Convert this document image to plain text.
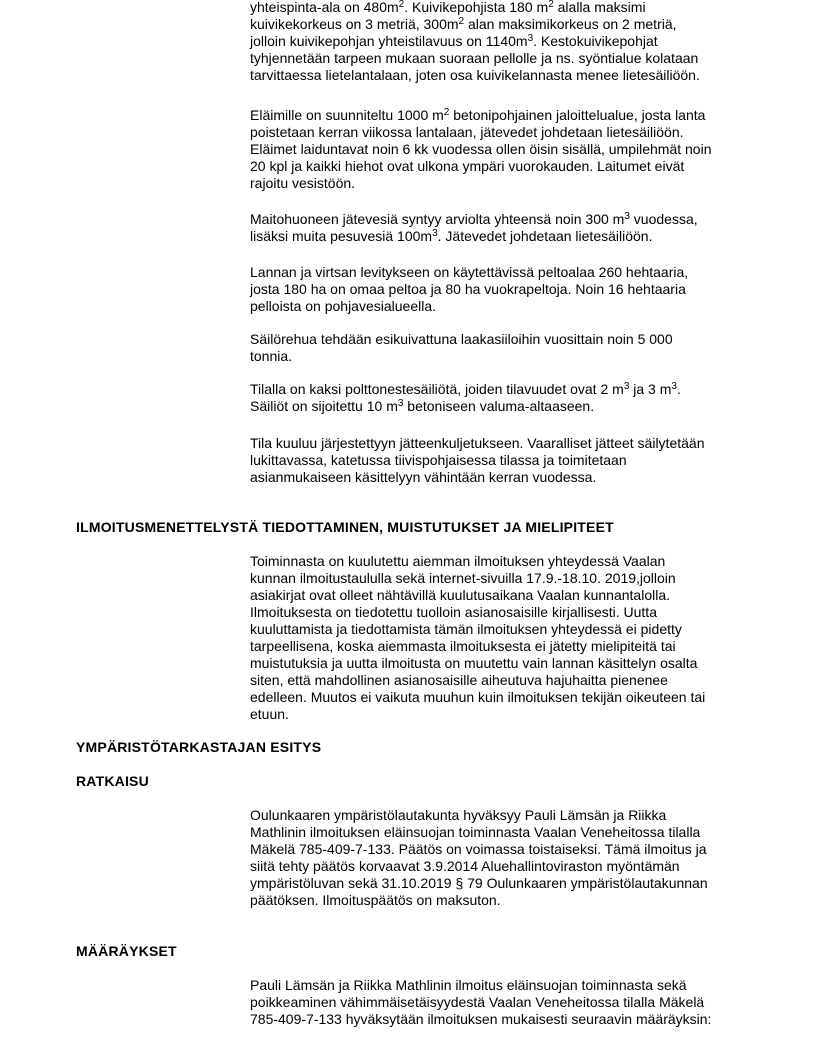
yhteispinta-ala on $480m^2$. Kuivikepohjista 180 $m^2$ alalla maksimi
kuivikekorkeus on 3 metriä, $300m^2$ alan maksimikorkeus on 2 metriä,
jolloin kuivikepohjan yhteistilavuus on $1140m^3$. Kestokuivikepohjat
tyhjennetään tarpeen mukaan suoraan pellolle ja ns. syöntialue kolataan
tarvittaessa lietelantalaan, joten osa kuivikelannasta menee lietesäiliöön.
Eläimille on suunniteltu 1000 $m^2$ betonipohjainen jaloittelualue, josta lanta
poistetaan kerran viikossa lantalaan, jätevedet johdetaan lietesäiliöön.
Eläimet laiduntavat noin 6 kk vuodessa ollen öisin sisällä, umpilehmät noin
20 kpl ja kaikki hiehot ovat ulkona ympäri vuorokauden. Laitumet eivät
rajoitu vesistöön.
Maitohuoneen jätevesiä syntyy arviolta yhteensä noin 300 $m^3$ vuodessa,
lisäksi muita pesuvesiä $100m^3$. Jätevedet johdetaan lietesäiliöön.
Lannan ja virtsan levitykseen on käytettävissä peltoalaa 260 hehtaaria,
josta 180 ha on omaa peltoa ja 80 ha vuokrapeltoja. Noin 16 hehtaaria
pelloista on pohjavesialueella.
Säilörehua tehdään esikuivattuna laakasiiloihin vuosittain noin 5 000
tonnia.
Tilalla on kaksi polttonestesäiliötä, joiden tilavuudet ovat 2 $m^3$ ja 3 $m^3$.
Säiliöt on sijoitettu 10 $m^3$ betoniseen valuma-altaaseen.
Tila kuuluu järjestettyyn jätteenkuljetukseen. Vaaralliset jätteet säilytetään
lukittavassa, katetussa tiivispohjaisessa tilassa ja toimitetaan
asianmukaiseen käsittelyyn vähintään kerran vuodessa.
ILMOITUSMENETTELYSTÄ TIEDOTTAMINEN, MUISTUTUKSET JA MIELIPITEET
Toiminnasta on kuulutettu aiemman ilmoituksen yhteydessä Vaalan
kunnan ilmoitustaululla sekä internet-sivuilla 17.9.-18.10. 2019,jolloin
asiakirjat ovat olleet nähtävillä kuulutusaikana Vaalan kunnantalolla.
Ilmoituksesta on tiedotettu tuolloin asianosaisille kirjallisesti. Uutta
kuuluttamista ja tiedottamista tämän ilmoituksen yhteydessä ei pidetty
tarpeellisena, koska aiemmasta ilmoituksesta ei jätetty mielipiteitä tai
muistutuksia ja uutta ilmoitusta on muutettu vain lannan käsittelyn osalta
siten, että mahdollinen asianosaisille aiheutuva hajuhaitta pienenee
edelleen. Muutos ei vaikuta muuhun kuin ilmoituksen tekijän oikeuteen tai
etuun.
YMPÄRISTÖTARKASTAJAN ESITYS
RATKAISU
Oulunkaaren ympäristölautakunta hyväksyy Pauli Lämsän ja Riikka
Mathlinin ilmoituksen eläinsuojan toiminnasta Vaalan Veneheitossa tilalla
Mäkelä 785-409-7-133. Päätös on voimassa toistaiseksi. Tämä ilmoitus ja
siitä tehty päätös korvaavat 3.9.2014 Aluehallintoviraston myöntämän
ympäristöluvan sekä 31.10.2019 § 79 Oulunkaaren ympäristölautakunnan
päätöksen. Ilmoituspäätös on maksuton.
MÄÄRÄYKSET
Pauli Lämsän ja Riikka Mathlinin ilmoitus eläinsuojan toiminnasta sekä
poikkeaminen vähimmäisetäisyydestä Vaalan Veneheitossa tilalla Mäkelä
785-409-7-133 hyväksytään ilmoituksen mukaisesti seuraavin määräyksin:
